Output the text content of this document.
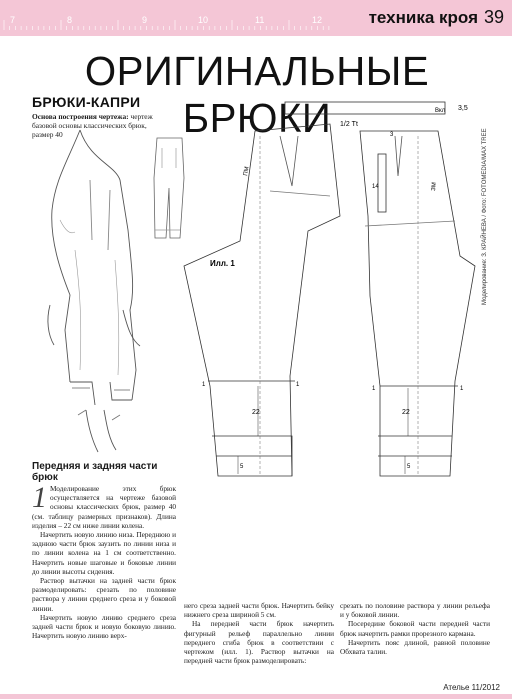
7	8	9	10	11	12	техника кроя 39
ОРИГИНАЛЬНЫЕ БРЮКИ
БРЮКИ-КАПРИ
Основа построения чертежа: чертеж базовой основы классических брюк, размер 40	Моделирование: З. КРАЙНЕВА / Фото: FOTOMEDIA/MAX TREE
1/2 Тt
3,5
Вкл
Илл. 1
14
22	22
5	5
1	1
1	1
3
ПМ
ЗМ
Передняя и задняя части брюк

1 Моделирование этих брюк осуществляется на чертеже базовой основы классических брюк, размер 40 (см. таблицу размерных признаков). Длина изделия – 22 см ниже линии колена.

Начертить новую линию низа. Переднюю и заднюю части брюк заузить по линии низа и по линии колена на 1 см соответственно. Начертить новые шаговые и боковые линии до линии высоты сидения.

Раствор вытачки на задней части брюк размоделировать: срезать по половине раствора у линии среднего среза и у боковой линии.

Начертить новую линию среднего среза задней части брюк и новую боковую линию. Начертить новую линию верх-

него среза задней части брюк. Начертить бейку нижнего среза шириной 5 см.

На передней части брюк начертить фигурный рельеф параллельно линии переднего сгиба брюк в соответствии с чертежом (илл. 1). Раствор вытачки на передней части брюк размоделировать:

срезать по половине раствора у линии рельефа и у боковой линии.

Посередине боковой части передней части брюк начертить рамки прорезного кармана.

Начертить пояс длиной, равной половине Обхвата талии.

Ателье 11/2012
